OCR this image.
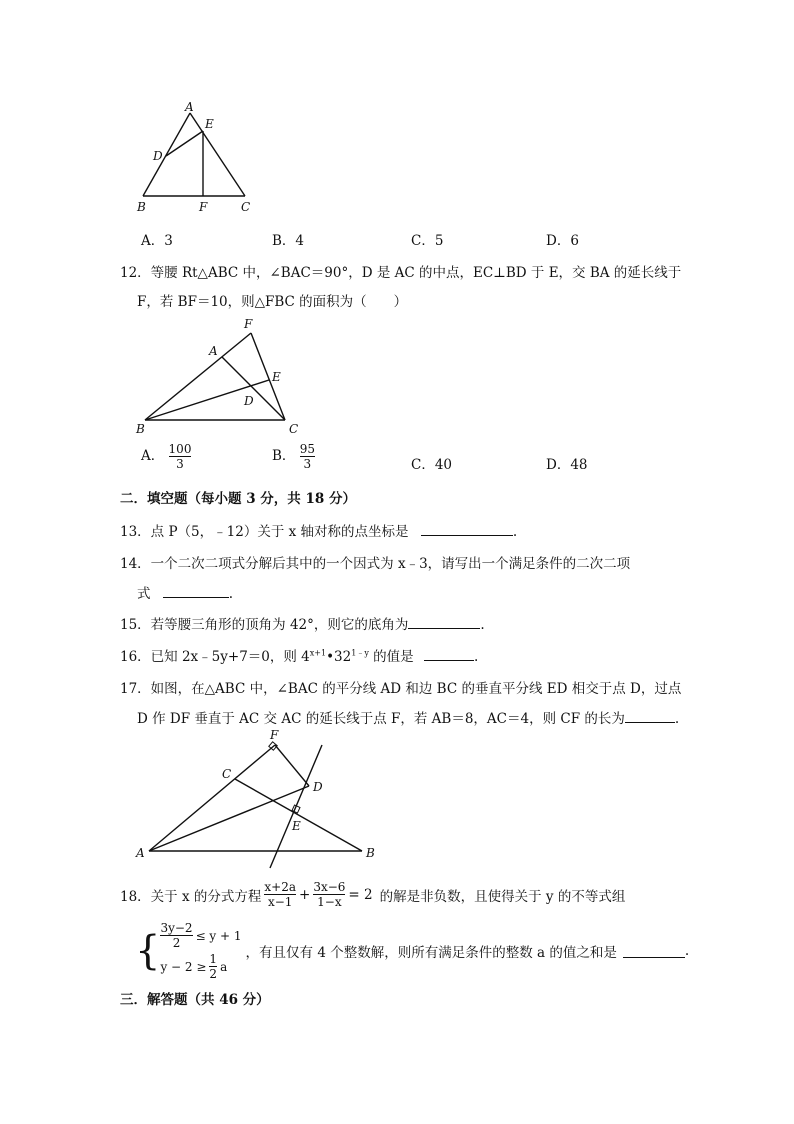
A
E
D
B	F	C
A．3	B．4	C．5	D．6
12．等腰 Rt△ABC 中，∠BAC＝90°，D 是 AC 的中点，EC⊥BD 于 E，交 BA 的延长线于
F，若 BF＝10，则△FBC 的面积为（　　）
F
A
E
D
B	C
A． $\frac{100}{3}$	B． $\frac{95}{3}$	C．40	D．48
二．填空题（每小题 3 分，共 18 分）
13．点 P（5，﹣12）关于 x 轴对称的点坐标是	.
14．一个二次二项式分解后其中的一个因式为 x﹣3，请写出一个满足条件的二次二项
式	.
15．若等腰三角形的顶角为 42°，则它的底角为	.
16．已知 2x﹣5y+7＝0，则 $4^{x+1}•32^{1﹣y}$ 的值是	.
17．如图，在△ABC 中，∠BAC 的平分线 AD 和边 BC 的垂直平分线 ED 相交于点 D，过点
D 作 DF 垂直于 AC 交 AC 的延长线于点 F，若 AB＝8，AC＝4，则 CF 的长为	.
F
C
D
E
A	B
18．关于 x 的分式方程 $\frac{x+2a}{x-1} + \frac{3x-6}{1-x} = 2$ 的解是非负数，且使得关于 y 的不等式组
{ $\frac{3y-2}{2} \le y + 1$
$y - 2 \ge \frac{1}{2}$ a
，有且仅有 4 个整数解，则所有满足条件的整数 a 的值之和是	.
三．解答题（共 46 分）
